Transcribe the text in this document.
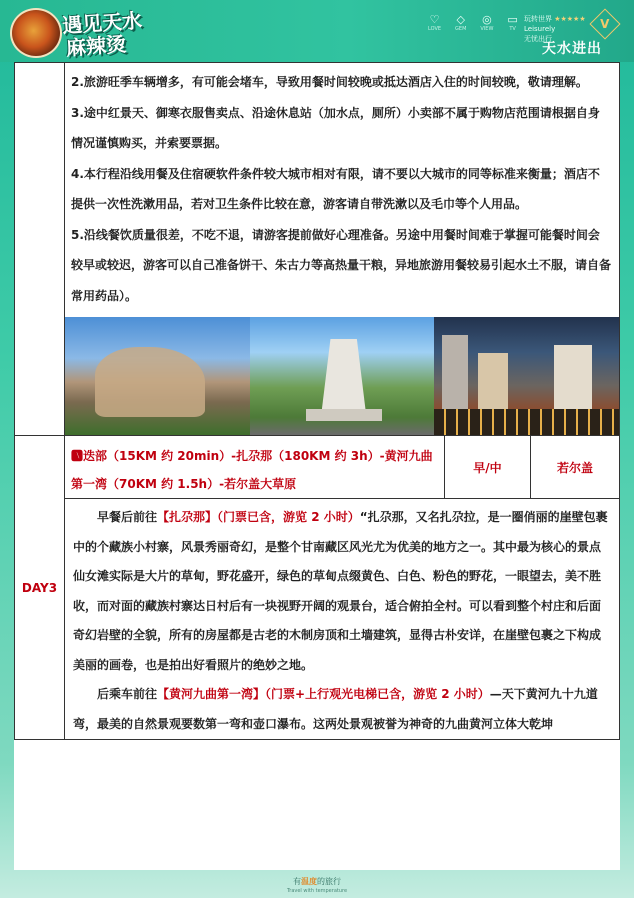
遇见天水
麻辣烫
♡
LOVE
◇
GEM
◎
VIEW
▭
TV
玩转世界 ★★★★★
Leisurely
无忧出行
V
天水进出

	2.旅游旺季车辆增多，有可能会堵车，导致用餐时间较晚或抵达酒店入住的时间较晚，敬请理解。

3.途中红景天、御寒衣服售卖点、沿途休息站（加水点，厕所）小卖部不属于购物店范围请根据自身情况谨慎购买，并索要票据。

4.本行程沿线用餐及住宿硬软件条件较大城市相对有限，请不要以大城市的同等标准来衡量；酒店不提供一次性洗漱用品，若对卫生条件比较在意，游客请自带洗漱以及毛巾等个人用品。

5.沿线餐饮质量很差，不吃不退，请游客提前做好心理准备。另途中用餐时间难于掌握可能餐时间会较早或较迟，游客可以自己准备饼干、朱古力等高热量干粮，异地旅游用餐较易引起水土不服，请自备常用药品）。		

DAY3	🅰迭部（15KM 约 20min）-扎尕那（180KM 约 3h）-黄河九曲第一湾（70KM 约 1.5h）-若尔盖大草原	早/中	若尔盖

	早餐后前往【扎尕那】（门票已含，游览 2 小时）“扎尕那，又名扎尕拉，是一圈俏丽的崖壁包裹中的个藏族小村寨，风景秀丽奇幻，是整个甘南藏区风光尤为优美的地方之一。其中最为核心的景点仙女滩实际是大片的草甸，野花盛开，绿色的草甸点缀黄色、白色、粉色的野花，一眼望去，美不胜收，而对面的藏族村寨达日村后有一块视野开阔的观景台，适合俯拍全村。可以看到整个村庄和后面奇幻岩壁的全貌，所有的房屋都是古老的木制房顶和土墙建筑，显得古朴安详，在崖壁包裹之下构成美丽的画卷，也是拍出好看照片的绝妙之地。

后乘车前往【黄河九曲第一湾】（门票+上行观光电梯已含，游览 2 小时）—天下黄河九十九道弯，最美的自然景观要数第一弯和壶口瀑布。这两处景观被誉为神奇的九曲黄河立体大乾坤		

有温度的旅行
Travel with temperature
